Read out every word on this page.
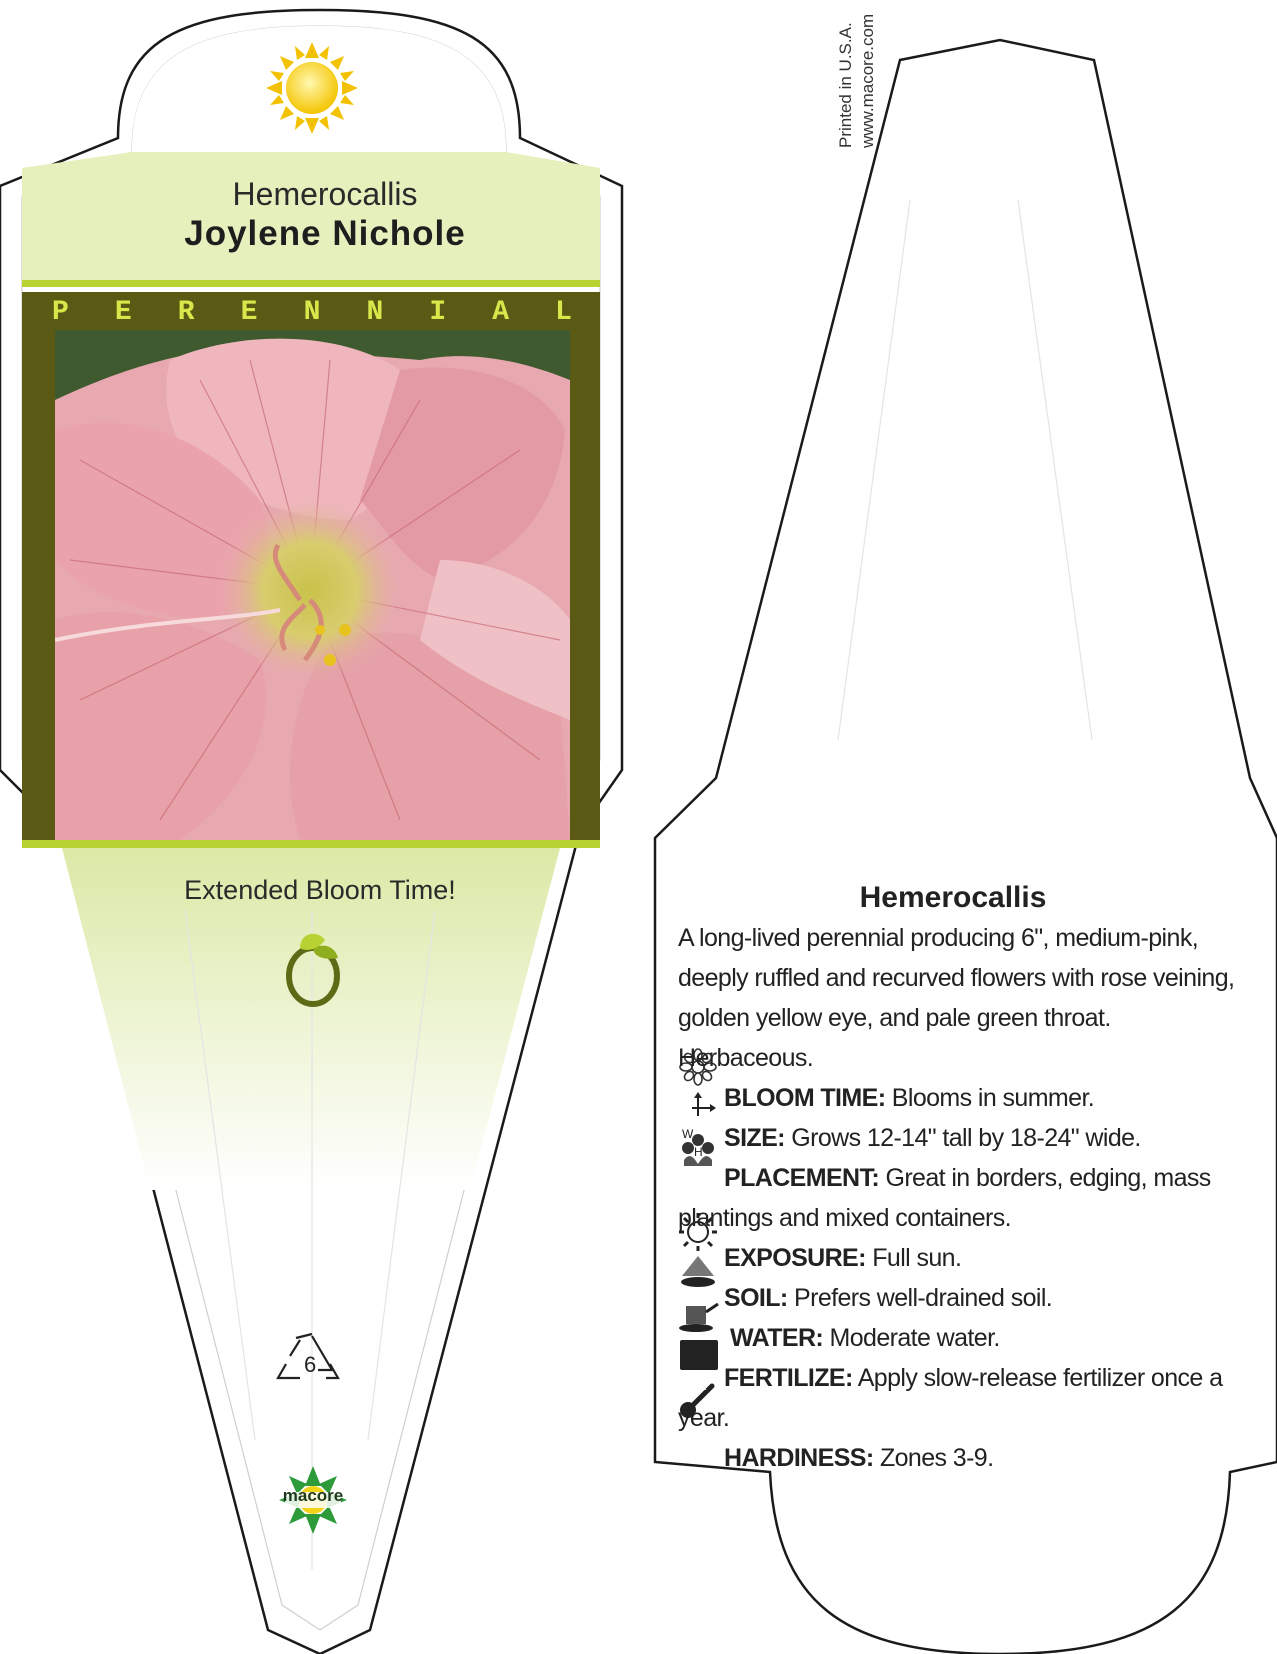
Hemerocallis
Joylene Nichole
P E R E N N I A L
Extended Bloom Time!
6
macore
Printed in U.S.A. www.macore.com
Hemerocallis
A long-lived perennial producing 6", medium-pink, deeply ruffled and recurved flowers with rose veining, golden yellow eye, and pale green throat. Herbaceous.
BLOOM TIME: Blooms in summer.
W
H SIZE: Grows 12-14" tall by 18-24" wide.
PLACEMENT: Great in borders, edging, mass plantings and mixed containers.
EXPOSURE: Full sun.
SOIL: Prefers well-drained soil.
WATER: Moderate water.
NPK FERTILIZE: Apply slow-release fertilizer once a year.
HARDINESS: Zones 3-9.
